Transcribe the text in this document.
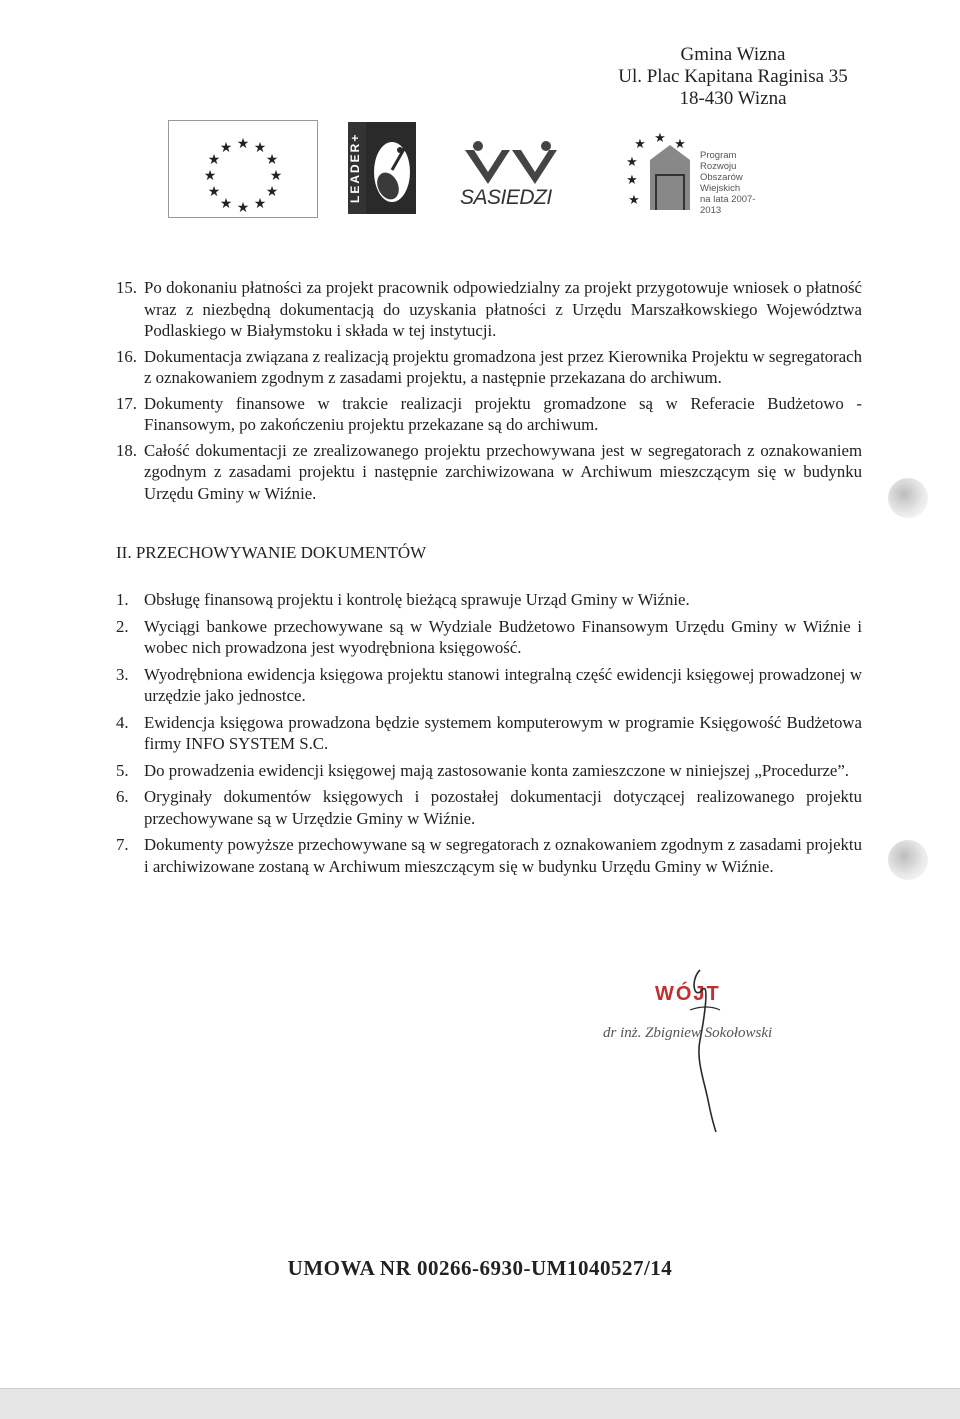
Gmina Wizna
Ul. Plac Kapitana Raginisa 35
18-430 Wizna
★ ★
★
★
★
★
★
★
★
★
★
★	LEADER+	SASIEDZI
★
★ ★
★
★
★
Program
Rozwoju
Obszarów
Wiejskich
na lata 2007-2013
15. Po dokonaniu płatności za projekt pracownik odpowiedzialny za projekt przygotowuje wniosek o płatność wraz z niezbędną dokumentacją do uzyskania płatności z Urzędu Marszałkowskiego Województwa Podlaskiego w Białymstoku i składa w tej instytucji.
16. Dokumentacja związana z realizacją projektu gromadzona jest przez Kierownika Projektu w segregatorach z oznakowaniem zgodnym z zasadami projektu, a następnie przekazana do archiwum.
17. Dokumenty finansowe w trakcie realizacji projektu gromadzone są w Referacie Budżetowo - Finansowym, po zakończeniu projektu przekazane są do archiwum.
18. Całość dokumentacji ze zrealizowanego projektu przechowywana jest w segregatorach z oznakowaniem zgodnym z zasadami projektu i następnie zarchiwizowana w Archiwum mieszczącym się w budynku Urzędu Gminy w Wiźnie.
II. PRZECHOWYWANIE DOKUMENTÓW
1. Obsługę finansową projektu i kontrolę bieżącą sprawuje Urząd Gminy w Wiźnie.
2. Wyciągi bankowe przechowywane są w Wydziale Budżetowo Finansowym Urzędu Gminy w Wiźnie i wobec nich prowadzona jest wyodrębniona księgowość.
3. Wyodrębniona ewidencja księgowa projektu stanowi integralną część ewidencji księgowej prowadzonej w urzędzie jako jednostce.
4. Ewidencja księgowa prowadzona będzie systemem komputerowym w programie Księgowość Budżetowa firmy INFO SYSTEM S.C.
5. Do prowadzenia ewidencji księgowej mają zastosowanie konta zamieszczone w niniejszej „Procedurze”.
6. Oryginały dokumentów księgowych i pozostałej dokumentacji dotyczącej realizowanego projektu przechowywane są w Urzędzie Gminy w Wiźnie.
7. Dokumenty powyższe przechowywane są w segregatorach z oznakowaniem zgodnym z zasadami projektu i archiwizowane zostaną w Archiwum mieszczącym się w budynku Urzędu Gminy w Wiźnie.
WÓJT
dr inż. Zbigniew Sokołowski
UMOWA NR 00266-6930-UM1040527/14
